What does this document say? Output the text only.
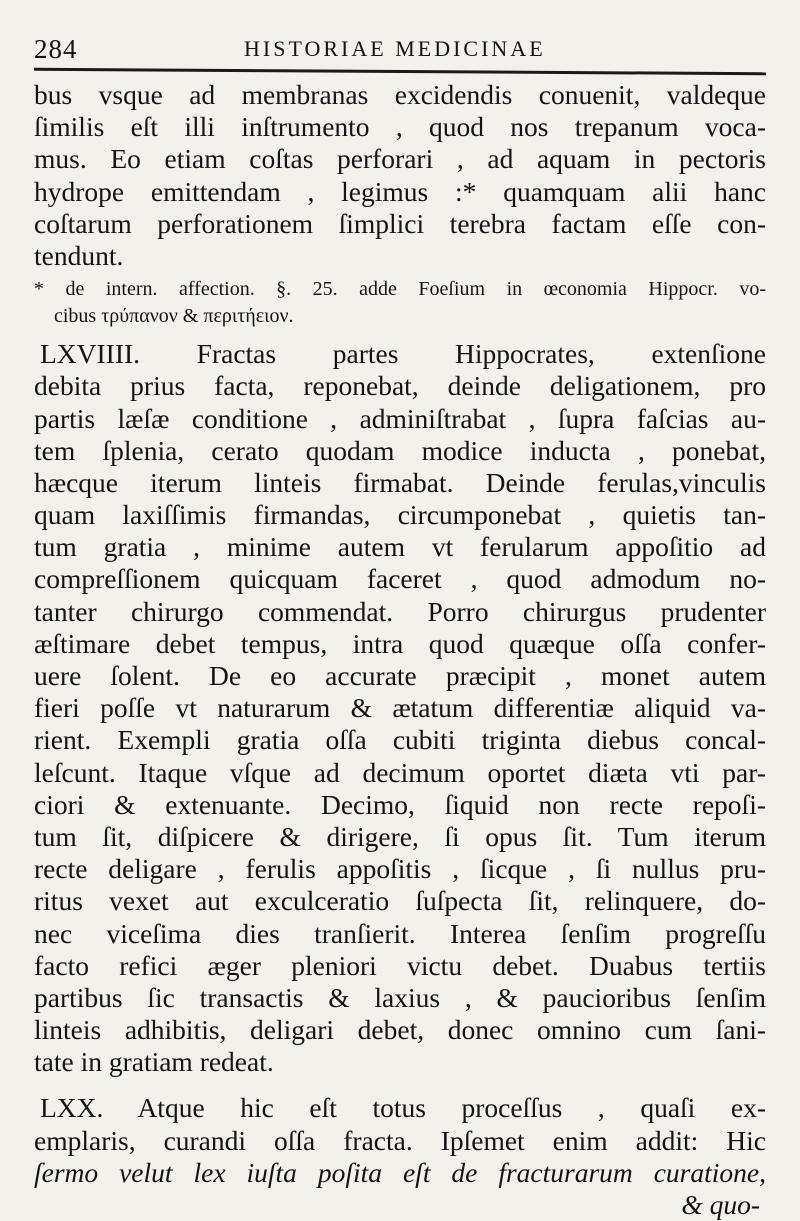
284	HISTORIAE MEDICINAE
bus vsque ad membranas excidendis conuenit, valdeque
ſimilis eſt illi inſtrumento , quod nos trepanum voca-
mus. Eo etiam coſtas perforari , ad aquam in pectoris
hydrope emittendam , legimus :* quamquam alii hanc
coſtarum perforationem ſimplici terebra factam eſſe con-
tendunt.
* de intern. affection. §. 25. adde Foeſium in œconomia Hippocr. vo-
cibus τρύπανον & περιτήειον.
LXVIIII. Fractas partes Hippocrates, extenſione
debita prius facta, reponebat, deinde deligationem, pro
partis læſæ conditione , adminiſtrabat , ſupra faſcias au-
tem ſplenia, cerato quodam modice inducta , ponebat,
hæcque iterum linteis firmabat. Deinde ferulas,vinculis
quam laxiſſimis firmandas, circumponebat , quietis tan-
tum gratia , minime autem vt ferularum appoſitio ad
compreſſionem quicquam faceret , quod admodum no-
tanter chirurgo commendat. Porro chirurgus prudenter
æſtimare debet tempus, intra quod quæque oſſa confer-
uere ſolent. De eo accurate præcipit , monet autem
fieri poſſe vt naturarum & ætatum differentiæ aliquid va-
rient. Exempli gratia oſſa cubiti triginta diebus concal-
leſcunt. Itaque vſque ad decimum oportet diæta vti par-
ciori & extenuante. Decimo, ſiquid non recte repoſi-
tum ſit, diſpicere & dirigere, ſi opus ſit. Tum iterum
recte deligare , ferulis appoſitis , ſicque , ſi nullus pru-
ritus vexet aut exculceratio ſuſpecta ſit, relinquere, do-
nec viceſima dies tranſierit. Interea ſenſim progreſſu
facto refici æger pleniori victu debet. Duabus tertiis
partibus ſic transactis & laxius , & paucioribus ſenſim
linteis adhibitis, deligari debet, donec omnino cum ſani-
tate in gratiam redeat.
LXX. Atque hic eſt totus proceſſus , quaſi ex-
emplaris, curandi oſſa fracta. Ipſemet enim addit: Hic
ſermo velut lex iuſta poſita eſt de fracturarum curatione,
& quo-
